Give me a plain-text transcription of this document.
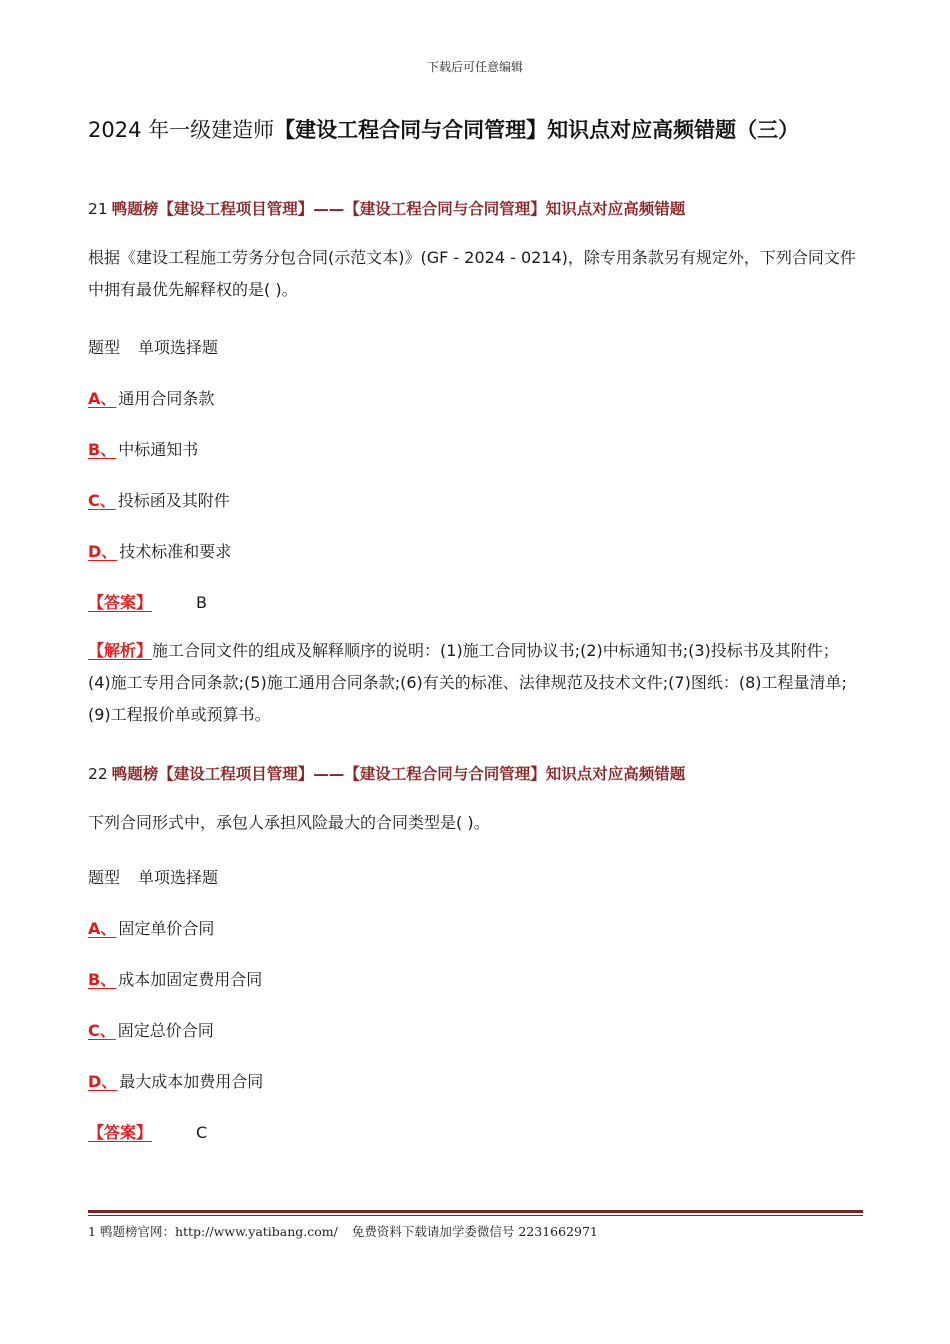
下载后可任意编辑
2024 年一级建造师【建设工程合同与合同管理】知识点对应高频错题（三）
21 鸭题榜【建设工程项目管理】——【建设工程合同与合同管理】知识点对应高频错题
根据《建设工程施工劳务分包合同(示范文本)》(GF - 2024 - 0214)，除专用条款另有规定外，下列合同文件中拥有最优先解释权的是( )。
题型 单项选择题
A、 通用合同条款
B、 中标通知书
C、 投标函及其附件
D、 技术标准和要求
【答案】	B
【解析】施工合同文件的组成及解释顺序的说明：(1)施工合同协议书;(2)中标通知书;(3)投标书及其附件； (4)施工专用合同条款;(5)施工通用合同条款;(6)有关的标准、法律规范及技术文件;(7)图纸：(8)工程量清单;(9)工程报价单或预算书。
22 鸭题榜【建设工程项目管理】——【建设工程合同与合同管理】知识点对应高频错题
下列合同形式中，承包人承担风险最大的合同类型是( )。
题型 单项选择题
A、 固定单价合同
B、 成本加固定费用合同
C、 固定总价合同
D、 最大成本加费用合同
【答案】	C
1 鸭题榜官网：http://www.yatibang.com/ 免费资料下载请加学委微信号 2231662971
